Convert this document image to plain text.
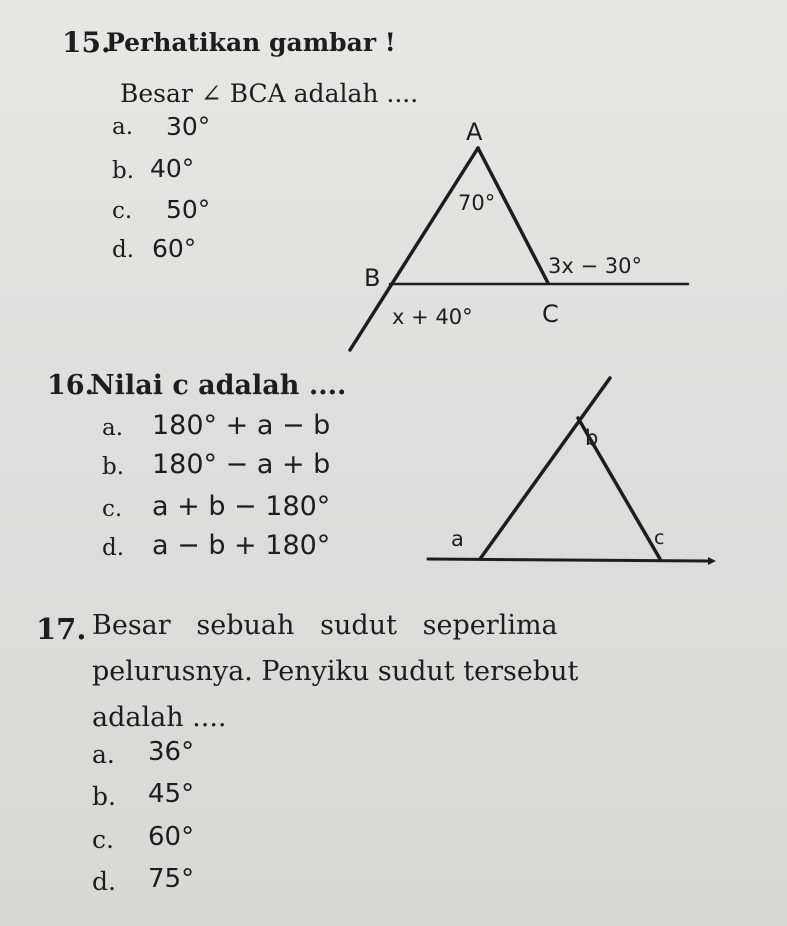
15.
Perhatikan gambar !
Besar ∠ BCA adalah ....
a. 30°
b. 40°
c. 50°
d. 60°
A
B
C
70°
3x − 30°
x + 40°
a
b
c
16.
Nilai c adalah ....
a. 180° + a − b
b. 180° − a + b
c. a + b − 180°
d. a − b + 180°
17. Besar   sebuah   sudut   seperlima
pelurusnya. Penyiku sudut tersebut
adalah ....
a. 36°
b. 45°
c. 60°
d. 75°
